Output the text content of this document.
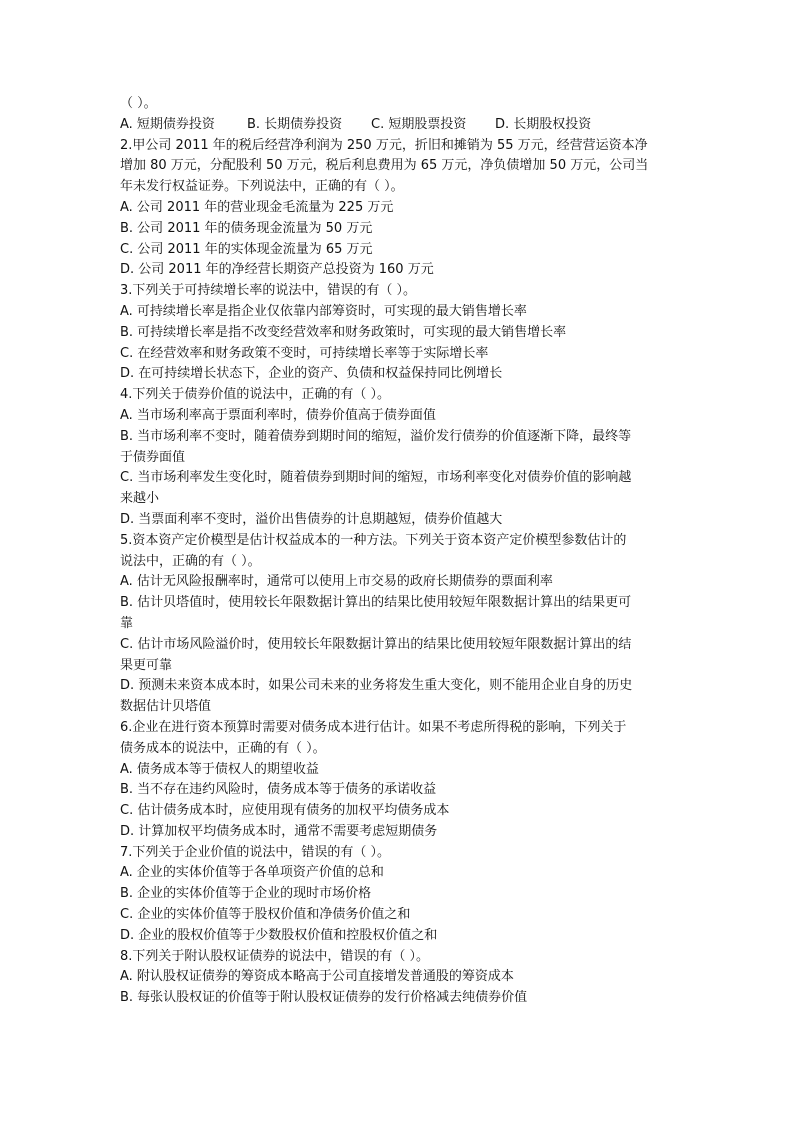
（ ）。
A. 短期债券投资 B. 长期债券投资 C. 短期股票投资 D. 长期股权投资
2.甲公司 2011 年的税后经营净利润为 250 万元，折旧和摊销为 55 万元，经营营运资本净
增加 80 万元，分配股利 50 万元，税后利息费用为 65 万元，净负债增加 50 万元，公司当
年未发行权益证券。下列说法中，正确的有（ ）。
A. 公司 2011 年的营业现金毛流量为 225 万元
B. 公司 2011 年的债务现金流量为 50 万元
C. 公司 2011 年的实体现金流量为 65 万元
D. 公司 2011 年的净经营长期资产总投资为 160 万元
3.下列关于可持续增长率的说法中，错误的有（ ）。
A. 可持续增长率是指企业仅依靠内部筹资时，可实现的最大销售增长率
B. 可持续增长率是指不改变经营效率和财务政策时，可实现的最大销售增长率
C. 在经营效率和财务政策不变时，可持续增长率等于实际增长率
D. 在可持续增长状态下，企业的资产、负债和权益保持同比例增长
4.下列关于债券价值的说法中，正确的有（ ）。
A. 当市场利率高于票面利率时，债券价值高于债券面值
B. 当市场利率不变时，随着债券到期时间的缩短，溢价发行债券的价值逐渐下降，最终等
于债券面值
C. 当市场利率发生变化时，随着债券到期时间的缩短，市场利率变化对债券价值的影响越
来越小
D. 当票面利率不变时，溢价出售债券的计息期越短，债券价值越大
5.资本资产定价模型是估计权益成本的一种方法。下列关于资本资产定价模型参数估计的
说法中，正确的有（ ）。
A. 估计无风险报酬率时，通常可以使用上市交易的政府长期债券的票面利率
B. 估计贝塔值时，使用较长年限数据计算出的结果比使用较短年限数据计算出的结果更可
靠
C. 估计市场风险溢价时，使用较长年限数据计算出的结果比使用较短年限数据计算出的结
果更可靠
D. 预测未来资本成本时，如果公司未来的业务将发生重大变化，则不能用企业自身的历史
数据估计贝塔值
6.企业在进行资本预算时需要对债务成本进行估计。如果不考虑所得税的影响，下列关于
债务成本的说法中，正确的有（ ）。
A. 债务成本等于债权人的期望收益
B. 当不存在违约风险时，债务成本等于债务的承诺收益
C. 估计债务成本时，应使用现有债务的加权平均债务成本
D. 计算加权平均债务成本时，通常不需要考虑短期债务
7.下列关于企业价值的说法中，错误的有（ ）。
A. 企业的实体价值等于各单项资产价值的总和
B. 企业的实体价值等于企业的现时市场价格
C. 企业的实体价值等于股权价值和净债务价值之和
D. 企业的股权价值等于少数股权价值和控股权价值之和
8.下列关于附认股权证债券的说法中，错误的有（ ）。
A. 附认股权证债券的筹资成本略高于公司直接增发普通股的筹资成本
B. 每张认股权证的价值等于附认股权证债券的发行价格减去纯债券价值
